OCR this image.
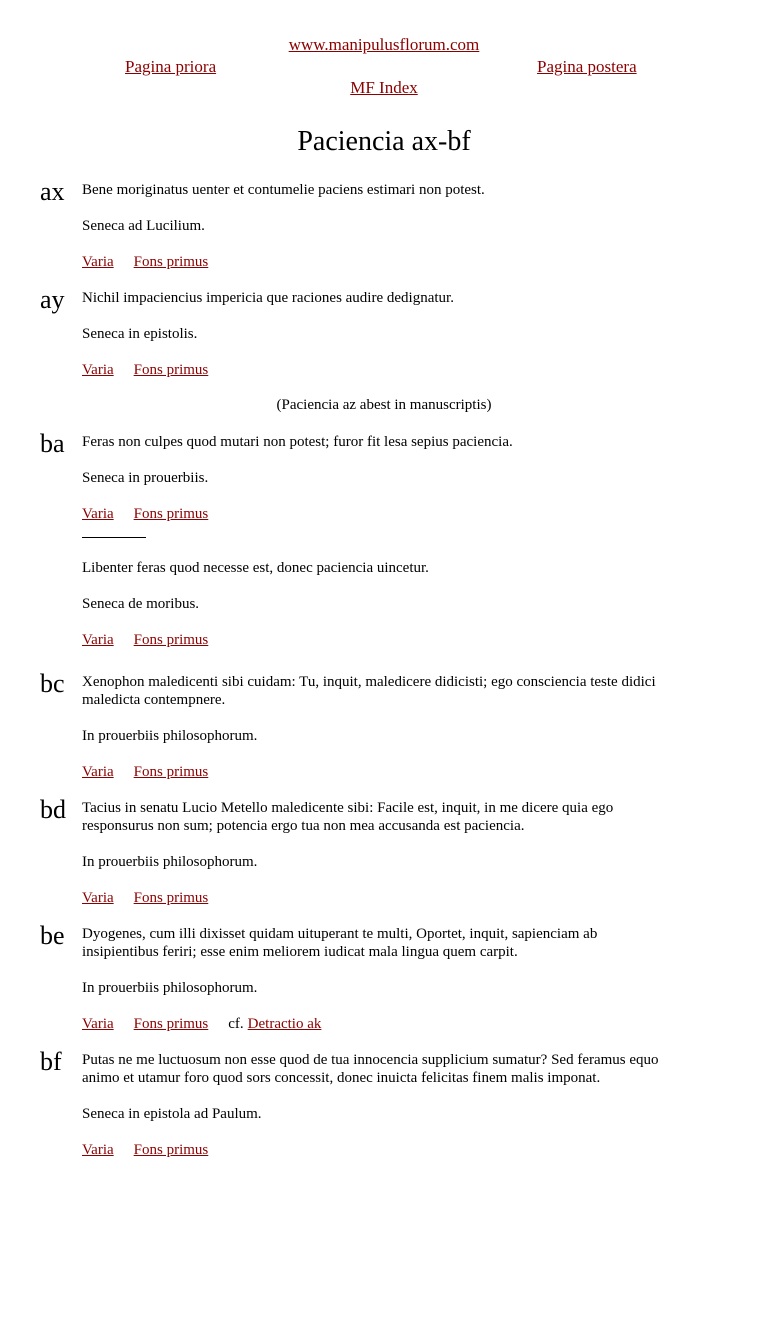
www.manipulusflorum.com
Pagina priora	Pagina postera
MF Index
Paciencia ax-bf
ax Bene moriginatus uenter et contumelie paciens estimari non potest.
Seneca ad Lucilium.
Varia Fons primus
ay Nichil impaciencius impericia que raciones audire dedignatur.
Seneca in epistolis.
Varia Fons primus
(Paciencia az abest in manuscriptis)
ba Feras non culpes quod mutari non potest; furor fit lesa sepius paciencia.
Seneca in prouerbiis.
Varia Fons primus
Libenter feras quod necesse est, donec paciencia uincetur.
Seneca de moribus.
Varia Fons primus
bc Xenophon maledicenti sibi cuidam: Tu, inquit, maledicere didicisti; ego consciencia teste didici maledicta contempnere.
In prouerbiis philosophorum.
Varia Fons primus
bd Tacius in senatu Lucio Metello maledicente sibi: Facile est, inquit, in me dicere quia ego responsurus non sum; potencia ergo tua non mea accusanda est paciencia.
In prouerbiis philosophorum.
Varia Fons primus
be Dyogenes, cum illi dixisset quidam uituperant te multi, Oportet, inquit, sapienciam ab insipientibus feriri; esse enim meliorem iudicat mala lingua quem carpit.
In prouerbiis philosophorum.
Varia Fons primus cf. Detractio ak
bf Putas ne me luctuosum non esse quod de tua innocencia supplicium sumatur? Sed feramus equo animo et utamur foro quod sors concessit, donec inuicta felicitas finem malis imponat.
Seneca in epistola ad Paulum.
Varia Fons primus
